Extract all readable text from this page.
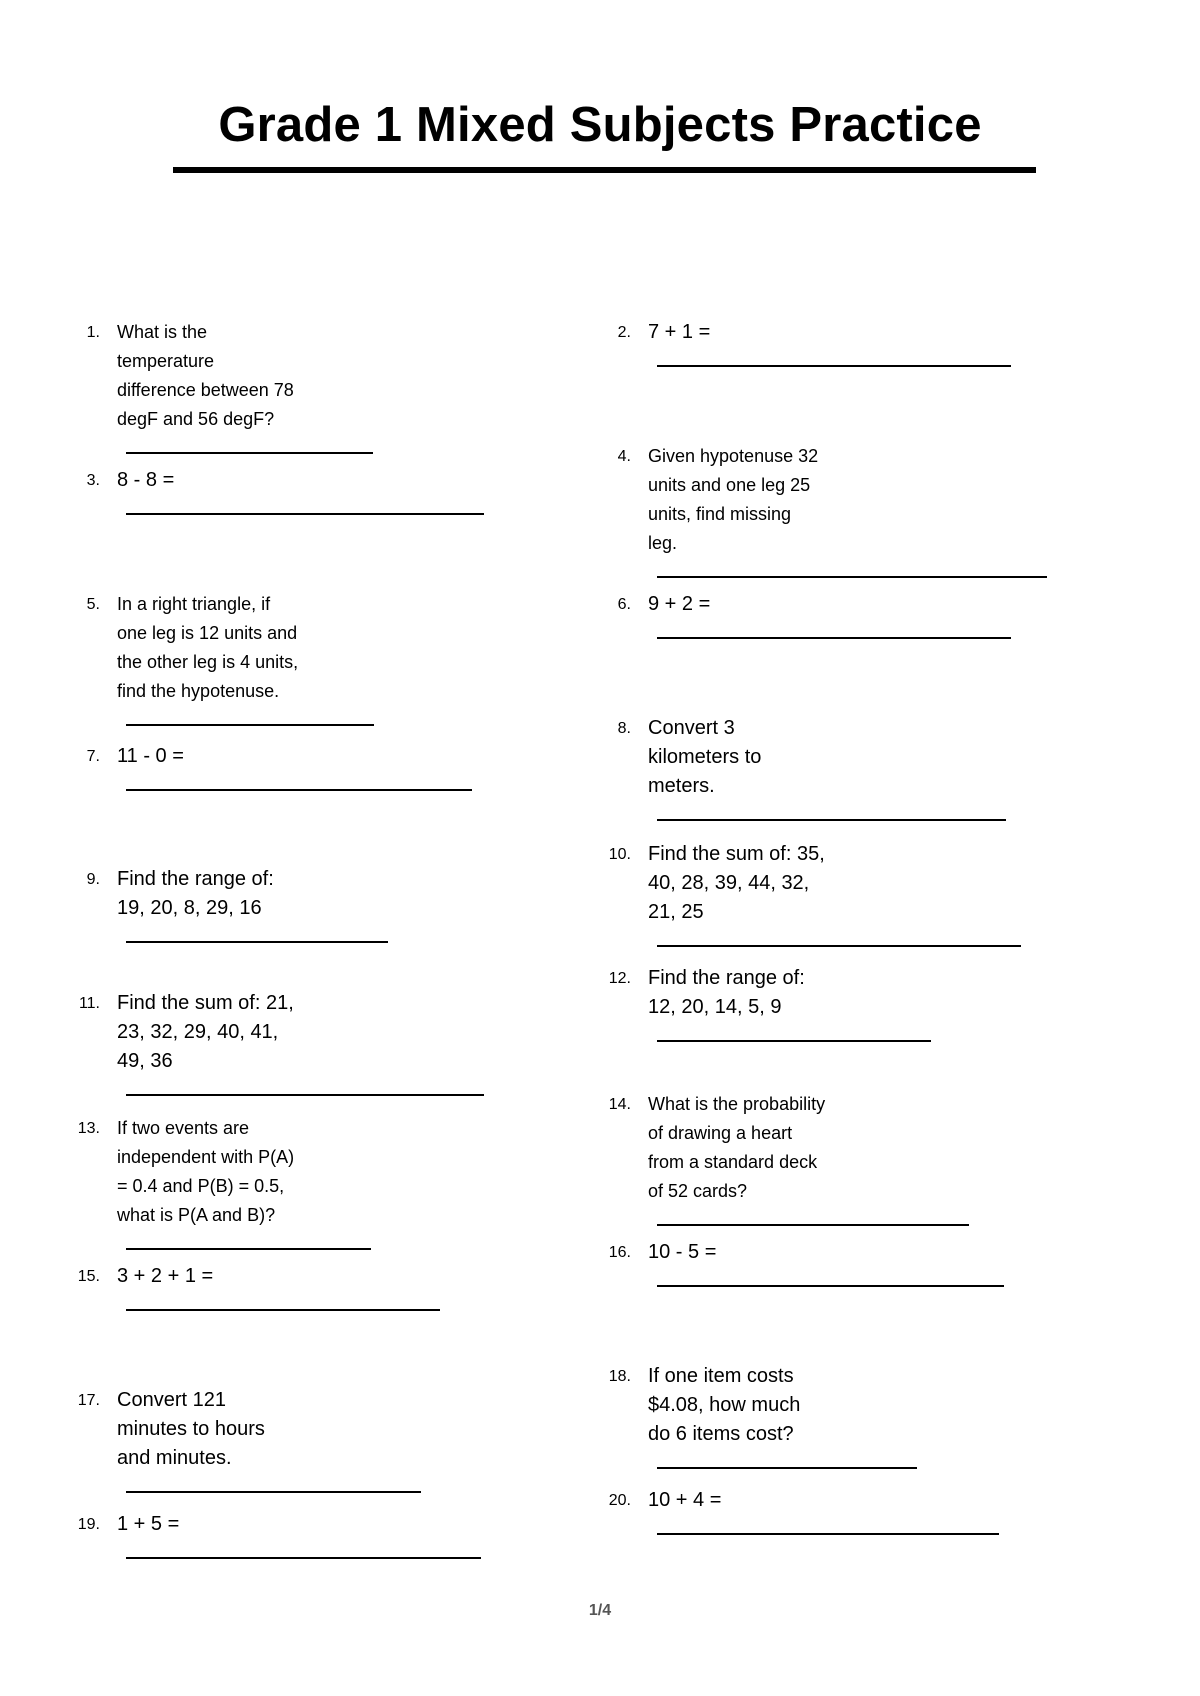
Grade 1 Mixed Subjects Practice
1. What is the
temperature
difference between 78
degF and 56 degF?
2. 7 + 1 =
3. 8 - 8 =
4. Given hypotenuse 32
units and one leg 25
units, find missing
leg.
5. In a right triangle, if
one leg is 12 units and
the other leg is 4 units,
find the hypotenuse.
6. 9 + 2 =
7. 11 - 0 =
8. Convert 3
kilometers to
meters.
9. Find the range of:
19, 20, 8, 29, 16
10. Find the sum of: 35,
40, 28, 39, 44, 32,
21, 25
11. Find the sum of: 21,
23, 32, 29, 40, 41,
49, 36
12. Find the range of:
12, 20, 14, 5, 9
13. If two events are
independent with P(A)
= 0.4 and P(B) = 0.5,
what is P(A and B)?
14. What is the probability
of drawing a heart
from a standard deck
of 52 cards?
15. 3 + 2 + 1 =
16. 10 - 5 =
17. Convert 121
minutes to hours
and minutes.
18. If one item costs
$4.08, how much
do 6 items cost?
19. 1 + 5 =
20. 10 + 4 =
1/4
